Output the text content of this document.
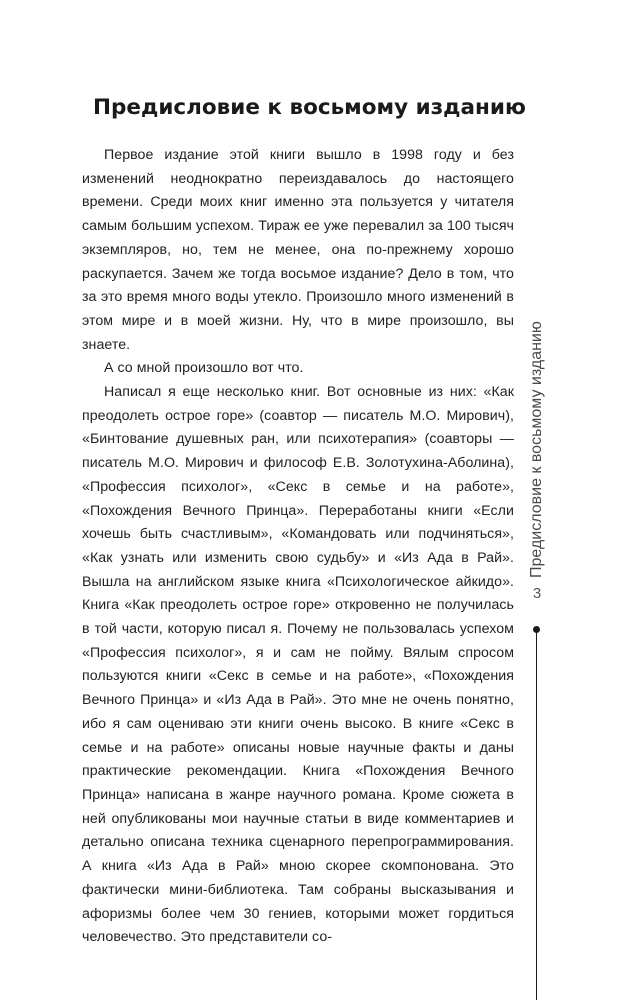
Предисловие к восьмому изданию

Первое издание этой книги вышло в 1998 году и без изменений неоднократно переиздавалось до настоящего времени. Среди моих книг именно эта пользуется у читателя самым большим успехом. Тираж ее уже перевалил за 100 тысяч экземпляров, но, тем не менее, она по-прежнему хорошо раскупается. Зачем же тогда восьмое издание? Дело в том, что за это время много воды утекло. Произошло много изменений в этом мире и в моей жизни. Ну, что в мире произошло, вы знаете.

А со мной произошло вот что.

Написал я еще несколько книг. Вот основные из них: «Как преодолеть острое горе» (соавтор — писатель М.О. Мирович), «Бинтование душевных ран, или психотерапия» (соавторы — писатель М.О. Мирович и философ Е.В. Золотухина-Аболина), «Профессия психолог», «Секс в семье и на работе», «Похождения Вечного Принца». Переработаны книги «Если хочешь быть счастливым», «Командовать или подчиняться», «Как узнать или изменить свою судьбу» и «Из Ада в Рай». Вышла на английском языке книга «Психологическое айкидо». Книга «Как преодолеть острое горе» откровенно не получилась в той части, которую писал я. Почему не пользовалась успехом «Профессия психолог», я и сам не пойму. Вялым спросом пользуются книги «Секс в семье и на работе», «Похождения Вечного Принца» и «Из Ада в Рай». Это мне не очень понятно, ибо я сам оцениваю эти книги очень высоко. В книге «Секс в семье и на работе» описаны новые научные факты и даны практические рекомендации. Книга «Похождения Вечного Принца» написана в жанре научного романа. Кроме сюжета в ней опубликованы мои научные статьи в виде комментариев и детально описана техника сценарного перепрограммирования. А книга «Из Ада в Рай» мною скорее скомпонована. Это фактически мини-библиотека. Там собраны высказывания и афоризмы более чем 30 гениев, которыми может гордиться человечество. Это представители со-

Предисловие к восьмому изданию
3
